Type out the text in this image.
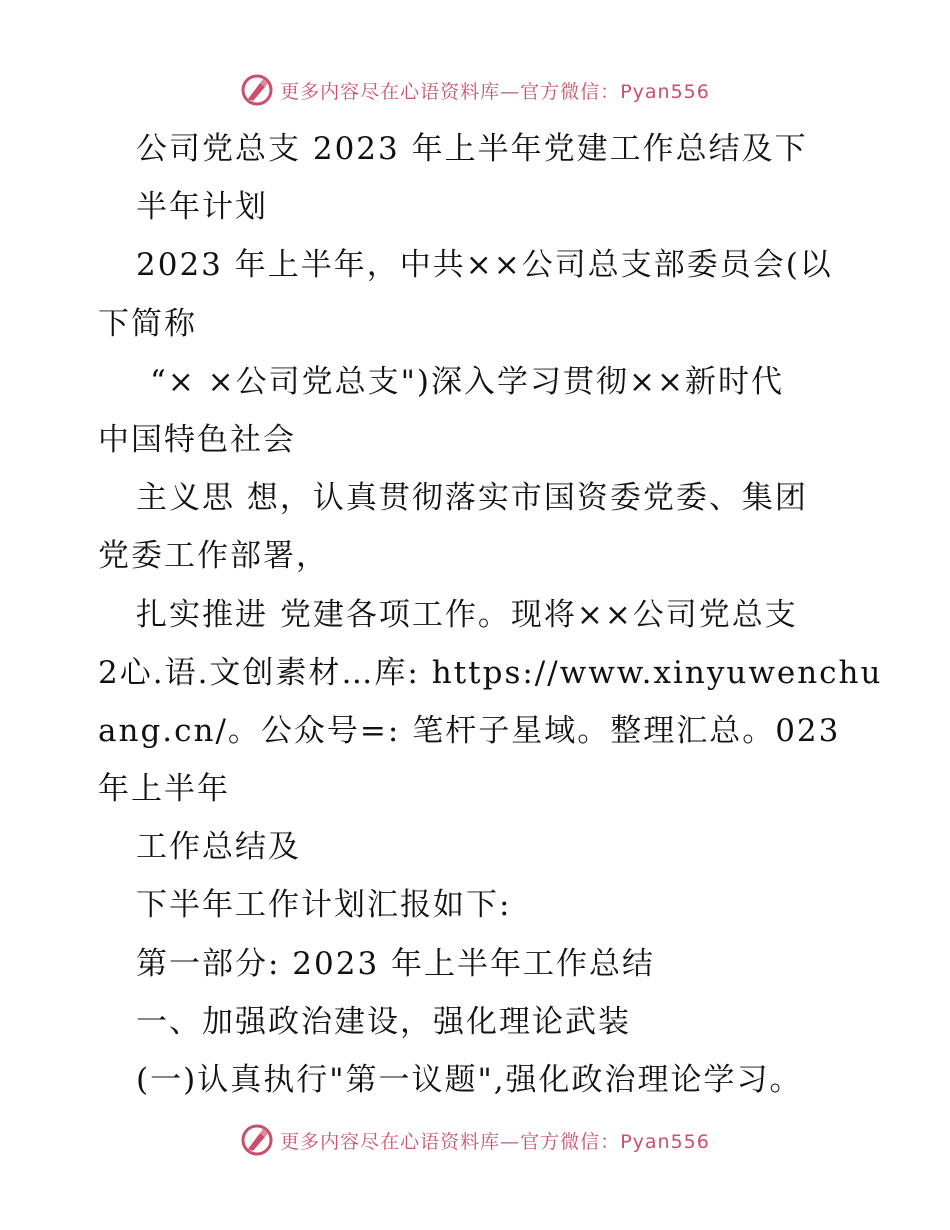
更多内容尽在心语资料库—官方微信：Pyan556
公司党总支 2023 年上半年党建工作总结及下
半年计划
2023 年上半年，中共××公司总支部委员会(以
下简称
“× ×公司党总支")深入学习贯彻××新时代
中国特色社会
主义思 想，认真贯彻落实市国资委党委、集团
党委工作部署，
扎实推进 党建各项工作。现将××公司党总支
2心.语.文创素材…库: https://www.xinyuwenchu
ang.cn/。公众号=: 笔杆子星域。整理汇总。023
年上半年
工作总结及
下半年工作计划汇报如下:
第一部分: 2023 年上半年工作总结
一、加强政治建设，强化理论武装
(一)认真执行"第一议题",强化政治理论学习。
更多内容尽在心语资料库—官方微信：Pyan556
